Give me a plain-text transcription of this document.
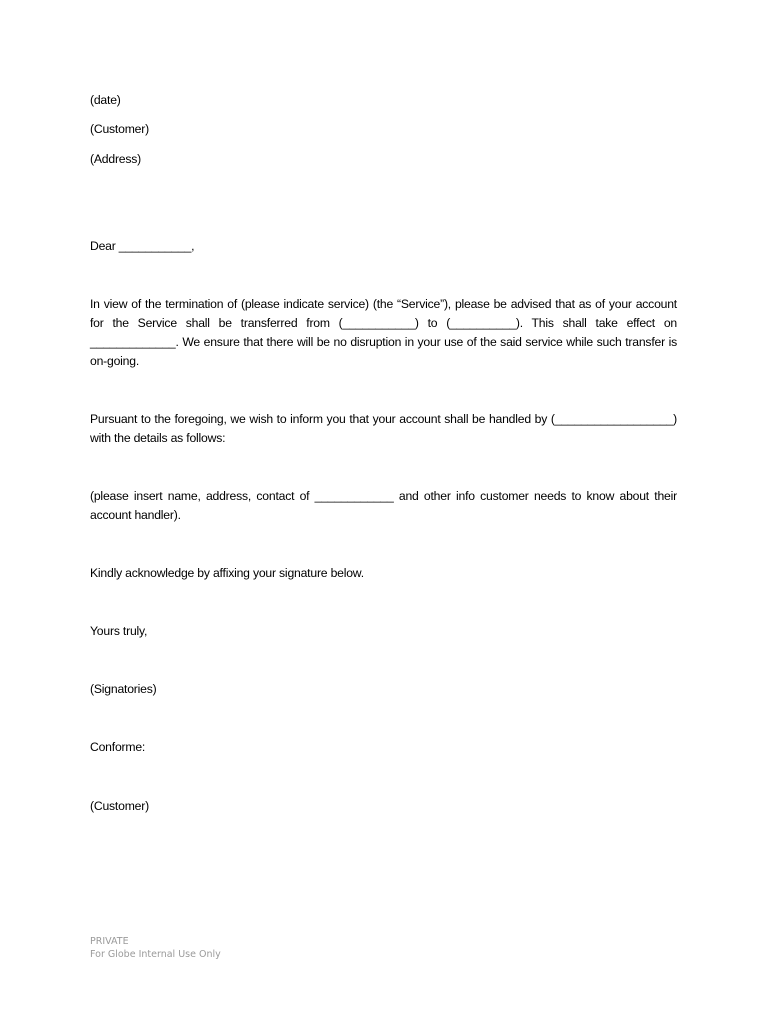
(date)
(Customer)
(Address)
Dear ___________,
In view of the termination of (please indicate service) (the “Service”), please be advised that as of your account for the Service shall be transferred from (___________) to (__________). This shall take effect on _____________. We ensure that there will be no disruption in your use of the said service while such transfer is on-going.
Pursuant to the foregoing, we wish to inform you that your account shall be handled by (__________________) with the details as follows:
(please insert name, address, contact of ____________ and other info customer needs to know about their account handler).
Kindly acknowledge by affixing your signature below.
Yours truly,
(Signatories)
Conforme:
(Customer)
PRIVATE
For Globe Internal Use Only
